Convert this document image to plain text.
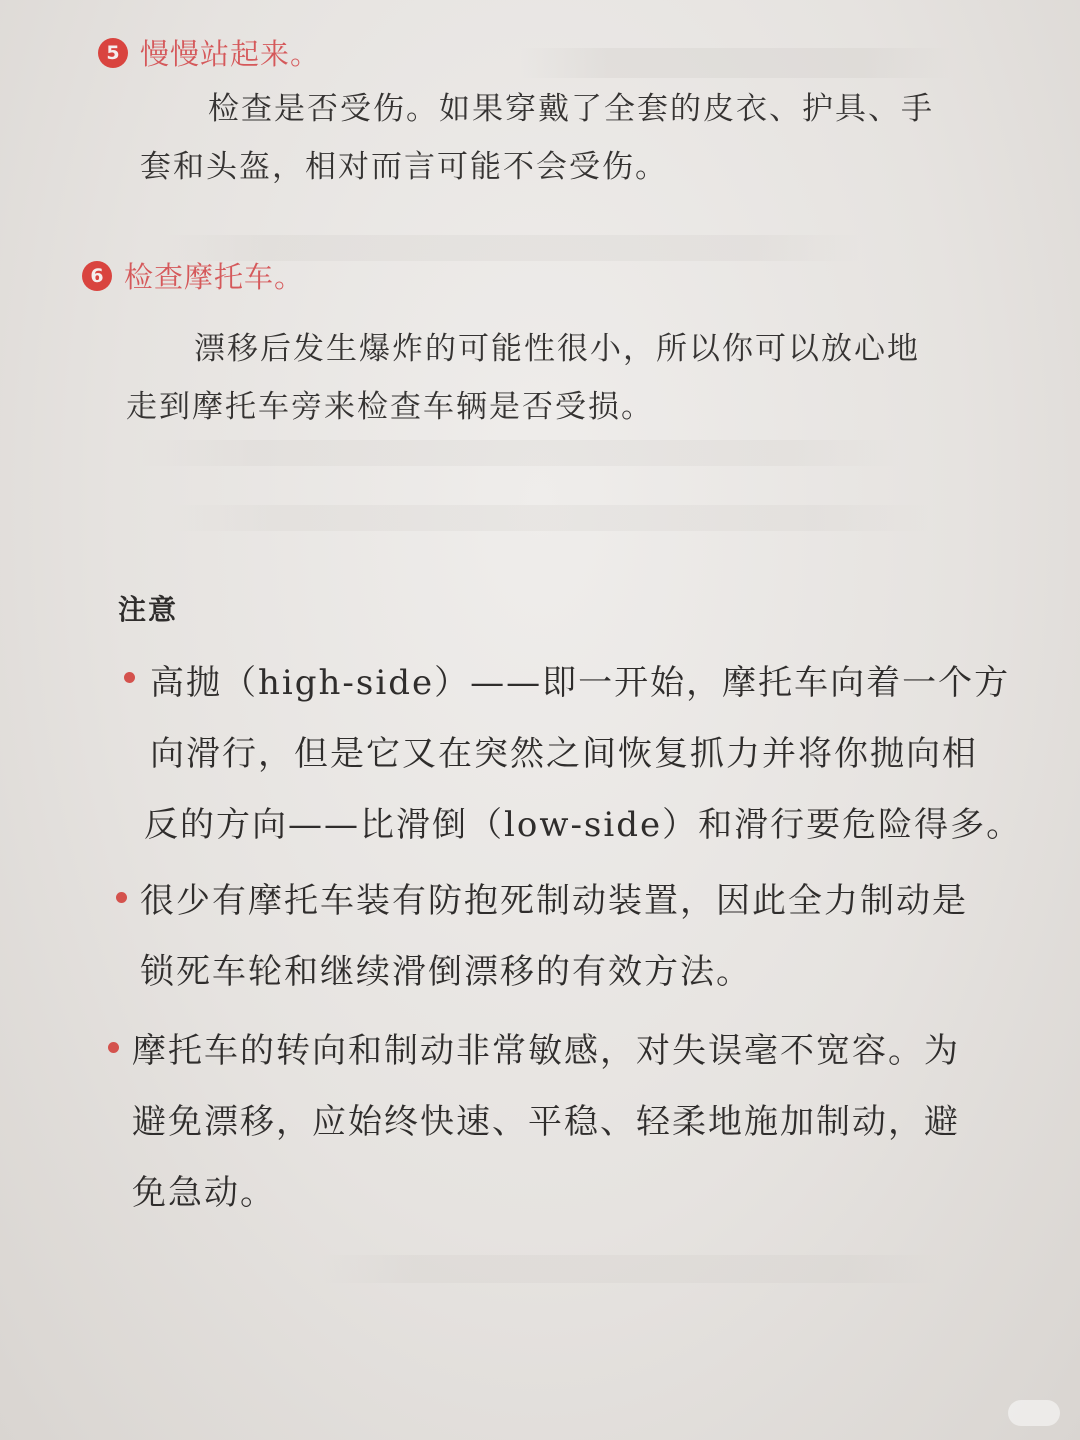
5 慢慢站起来。
检查是否受伤。如果穿戴了全套的皮衣、护具、手
套和头盔，相对而言可能不会受伤。
6 检查摩托车。
漂移后发生爆炸的可能性很小，所以你可以放心地
走到摩托车旁来检查车辆是否受损。
注意
高抛（high-side）——即一开始，摩托车向着一个方
向滑行，但是它又在突然之间恢复抓力并将你抛向相
反的方向——比滑倒（low-side）和滑行要危险得多。
很少有摩托车装有防抱死制动装置，因此全力制动是
锁死车轮和继续滑倒漂移的有效方法。
摩托车的转向和制动非常敏感，对失误毫不宽容。为
避免漂移，应始终快速、平稳、轻柔地施加制动，避
免急动。
